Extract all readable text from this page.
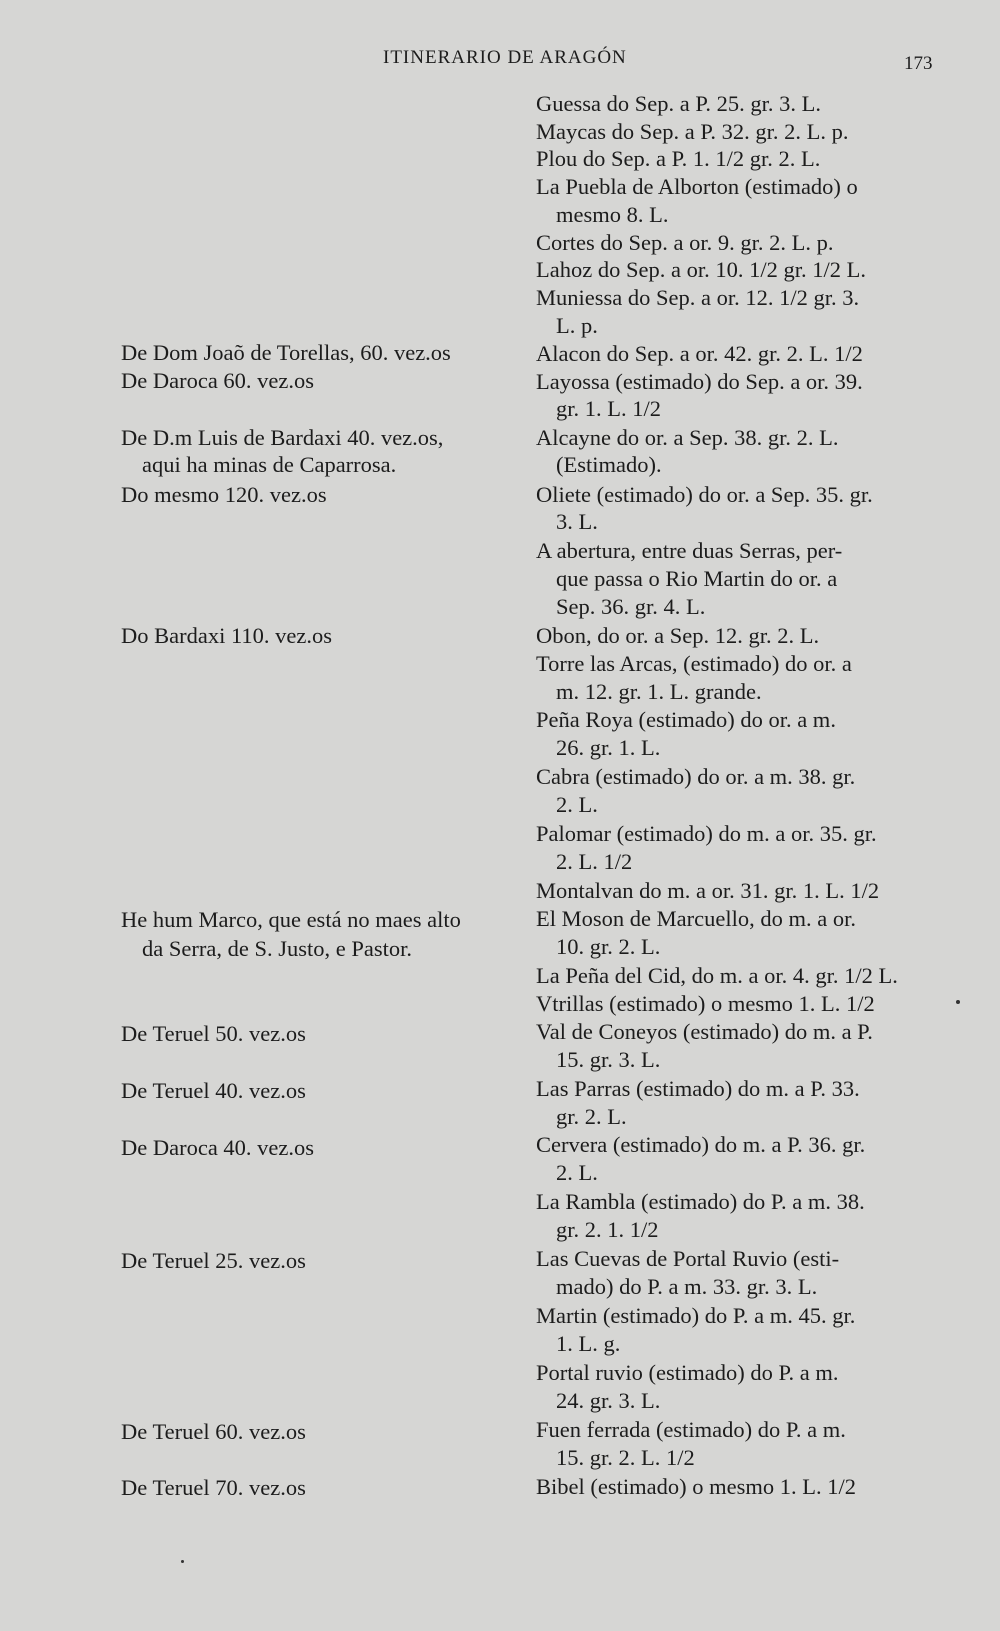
ITINERARIO DE ARAGÓN	173
De Dom Joaõ de Torellas, 60. vez.os
De Daroca 60. vez.os
De D.m Luis de Bardaxi 40. vez.os,
aqui ha minas de Caparrosa.
Do mesmo 120. vez.os
Do Bardaxi 110. vez.os
He hum Marco, que está no maes alto
da Serra, de S. Justo, e Pastor.
De Teruel 50. vez.os
De Teruel 40. vez.os
De Daroca 40. vez.os
De Teruel 25. vez.os
De Teruel 60. vez.os
De Teruel 70. vez.os
Guessa do Sep. a P. 25. gr. 3. L.
Maycas do Sep. a P. 32. gr. 2. L. p.
Plou do Sep. a P. 1. 1/2 gr. 2. L.
La Puebla de Alborton (estimado) o
mesmo 8. L.
Cortes do Sep. a or. 9. gr. 2. L. p.
Lahoz do Sep. a or. 10. 1/2 gr. 1/2 L.
Muniessa do Sep. a or. 12. 1/2 gr. 3.
L. p.
Alacon do Sep. a or. 42. gr. 2. L. 1/2
Layossa (estimado) do Sep. a or. 39.
gr. 1. L. 1/2
Alcayne do or. a Sep. 38. gr. 2. L.
(Estimado).
Oliete (estimado) do or. a Sep. 35. gr.
3. L.
A abertura, entre duas Serras, per-
que passa o Rio Martin do or. a
Sep. 36. gr. 4. L.
Obon, do or. a Sep. 12. gr. 2. L.
Torre las Arcas, (estimado) do or. a
m. 12. gr. 1. L. grande.
Peña Roya (estimado) do or. a m.
26. gr. 1. L.
Cabra (estimado) do or. a m. 38. gr.
2. L.
Palomar (estimado) do m. a or. 35. gr.
2. L. 1/2
Montalvan do m. a or. 31. gr. 1. L. 1/2
El Moson de Marcuello, do m. a or.
10. gr. 2. L.
La Peña del Cid, do m. a or. 4. gr. 1/2 L.
Vtrillas (estimado) o mesmo 1. L. 1/2
Val de Coneyos (estimado) do m. a P.
15. gr. 3. L.
Las Parras (estimado) do m. a P. 33.
gr. 2. L.
Cervera (estimado) do m. a P. 36. gr.
2. L.
La Rambla (estimado) do P. a m. 38.
gr. 2. 1. 1/2
Las Cuevas de Portal Ruvio (esti-
mado) do P. a m. 33. gr. 3. L.
Martin (estimado) do P. a m. 45. gr.
1. L. g.
Portal ruvio (estimado) do P. a m.
24. gr. 3. L.
Fuen ferrada (estimado) do P. a m.
15. gr. 2. L. 1/2
Bibel (estimado) o mesmo 1. L. 1/2
